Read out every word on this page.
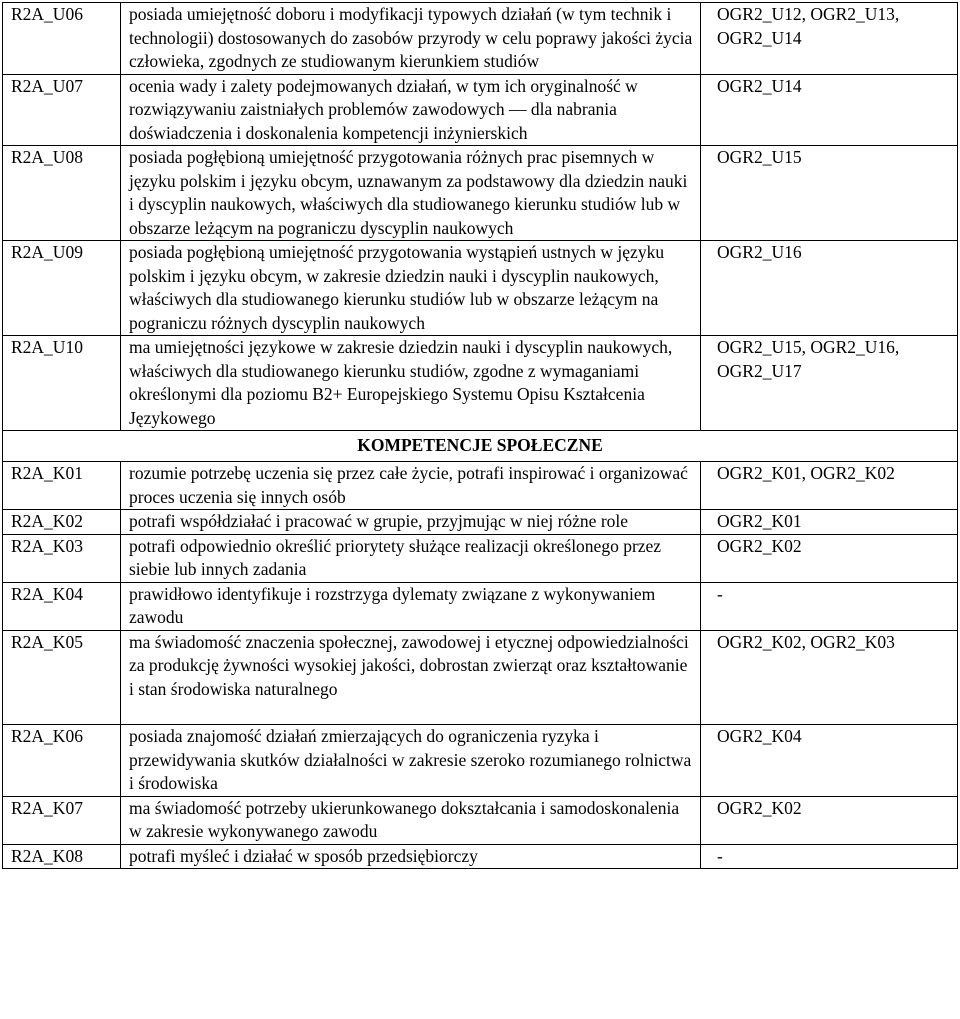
R2A_U06	posiada umiejętność doboru i modyfikacji typowych działań (w tym technik i technologii) dostosowanych do zasobów przyrody w celu poprawy jakości życia człowieka, zgodnych ze studiowanym kierunkiem studiów	OGR2_U12, OGR2_U13, OGR2_U14
R2A_U07	ocenia wady i zalety podejmowanych działań, w tym ich oryginalność w rozwiązywaniu zaistniałych problemów zawodowych — dla nabrania doświadczenia i doskonalenia kompetencji inżynierskich	OGR2_U14
R2A_U08	posiada pogłębioną umiejętność przygotowania różnych prac pisemnych w języku polskim i języku obcym, uznawanym za podstawowy dla dziedzin nauki i dyscyplin naukowych, właściwych dla studiowanego kierunku studiów lub w obszarze leżącym na pograniczu dyscyplin naukowych	OGR2_U15
R2A_U09	posiada pogłębioną umiejętność przygotowania wystąpień ustnych w języku polskim i języku obcym, w zakresie dziedzin nauki i dyscyplin naukowych, właściwych dla studiowanego kierunku studiów lub w obszarze leżącym na pograniczu różnych dyscyplin naukowych	OGR2_U16
R2A_U10	ma umiejętności językowe w zakresie dziedzin nauki i dyscyplin naukowych, właściwych dla studiowanego kierunku studiów, zgodne z wymaganiami określonymi dla poziomu B2+ Europejskiego Systemu Opisu Kształcenia Językowego	OGR2_U15, OGR2_U16, OGR2_U17
KOMPETENCJE SPOŁECZNE		
R2A_K01	rozumie potrzebę uczenia się przez całe życie, potrafi inspirować i organizować proces uczenia się innych osób	OGR2_K01, OGR2_K02
R2A_K02	potrafi współdziałać i pracować w grupie, przyjmując w niej różne role	OGR2_K01
R2A_K03	potrafi odpowiednio określić priorytety służące realizacji określonego przez siebie lub innych zadania	OGR2_K02
R2A_K04	prawidłowo identyfikuje i rozstrzyga dylematy związane z wykonywaniem zawodu	-
R2A_K05	ma świadomość znaczenia społecznej, zawodowej i etycznej odpowiedzialności za produkcję żywności wysokiej jakości, dobrostan zwierząt oraz kształtowanie i stan środowiska naturalnego	OGR2_K02, OGR2_K03
R2A_K06	posiada znajomość działań zmierzających do ograniczenia ryzyka i przewidywania skutków działalności w zakresie szeroko rozumianego rolnictwa i środowiska	OGR2_K04
R2A_K07	ma świadomość potrzeby ukierunkowanego dokształcania i samodoskonalenia w zakresie wykonywanego zawodu	OGR2_K02
R2A_K08	potrafi myśleć i działać w sposób przedsiębiorczy	-
